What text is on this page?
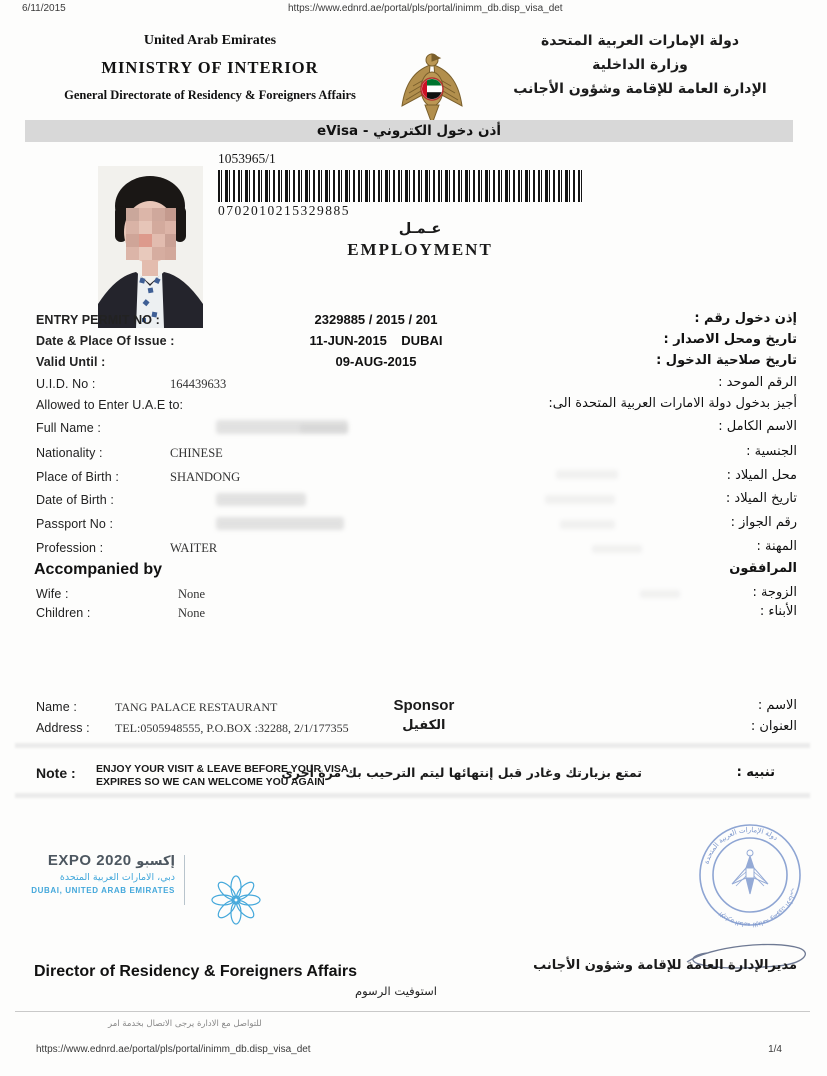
6/11/2015	https://www.ednrd.ae/portal/pls/portal/inimm_db.disp_visa_det
United Arab Emirates
MINISTRY OF INTERIOR
General Directorate of Residency & Foreigners Affairs

دولة الإمارات العربية المتحدة
وزارة الداخلية
الإدارة العامة للإقامة وشؤون الأجانب
أذن دخول الكتروني - eVisa

1053965/1
0702010215329885
عـمـل
EMPLOYMENT
ENTRY PERMIT NO :	2329885 / 2015 / 201	إذن دخول رقم :
Date & Place Of Issue :	11-JUN-2015    DUBAI	تاريخ ومحل الاصدار :
Valid Until :	09-AUG-2015	تاريخ صلاحية الدخول :
U.I.D. No :	164439633	الرقم الموحد :
Allowed to Enter U.A.E to:	أجيز بدخول دولة الامارات العربية المتحدة الى:
Full Name :	الاسم الكامل :
Nationality :	CHINESE	الجنسية :
Place of Birth :	SHANDONG	محل الميلاد :
Date of Birth :	تاريخ الميلاد :
Passport No :	رقم الجواز :
Profession :	WAITER	المهنة :
Accompanied by	المرافقون
Wife :	None	الزوجة :
Children :	None	الأبناء :

Sponsor
الكفيل

Name :	TANG PALACE RESTAURANT	الاسم :
Address : TEL:0505948555, P.O.BOX :32288, 2/1/177355	العنوان :
Note : ENJOY YOUR VISIT & LEAVE BEFORE YOUR VISA
EXPIRES SO WE CAN WELCOME YOU AGAIN
تمتع بزيارتك وغادر قبل إنتهائها ليتم الترحيب بك مرة أخرى	تنبيه :
EXPO 2020 إكسبو
دبي، الامارات العربية المتحدة
DUBAI, UNITED ARAB EMIRATES

دولة الإمارات العربية المتحدة
الإدارة العامة للإقامة وشؤون الأجانب

Director of Residency & Foreigners Affairs	مديرالإدارة العامة للإقامة وشؤون الأجانب
استوفيت الرسوم
للتواصل مع الادارة يرجى الاتصال بخدمة امر
https://www.ednrd.ae/portal/pls/portal/inimm_db.disp_visa_det	1/4
